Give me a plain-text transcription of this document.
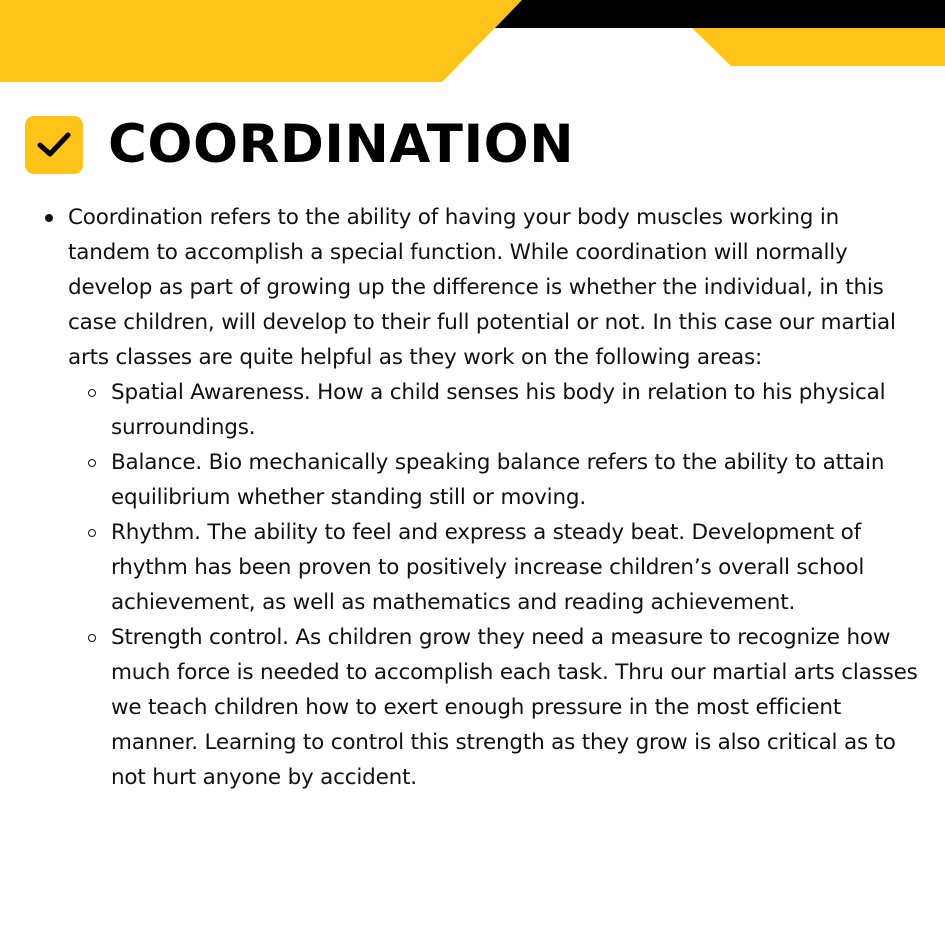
COORDINATION
Coordination refers to the ability of having your body muscles working in tandem to accomplish a special function. While coordination will normally develop as part of growing up the difference is whether the individual, in this case children, will develop to their full potential or not. In this case our martial arts classes are quite helpful as they work on the following areas:
Spatial Awareness. How a child senses his body in relation to his physical surroundings.
Balance. Bio mechanically speaking balance refers to the ability to attain equilibrium whether standing still or moving.
Rhythm. The ability to feel and express a steady beat. Development of rhythm has been proven to positively increase children’s overall school achievement, as well as mathematics and reading achievement.
Strength control. As children grow they need a measure to recognize how much force is needed to accomplish each task. Thru our martial arts classes we teach children how to exert enough pressure in the most efficient manner. Learning to control this strength as they grow is also critical as to not hurt anyone by accident.
